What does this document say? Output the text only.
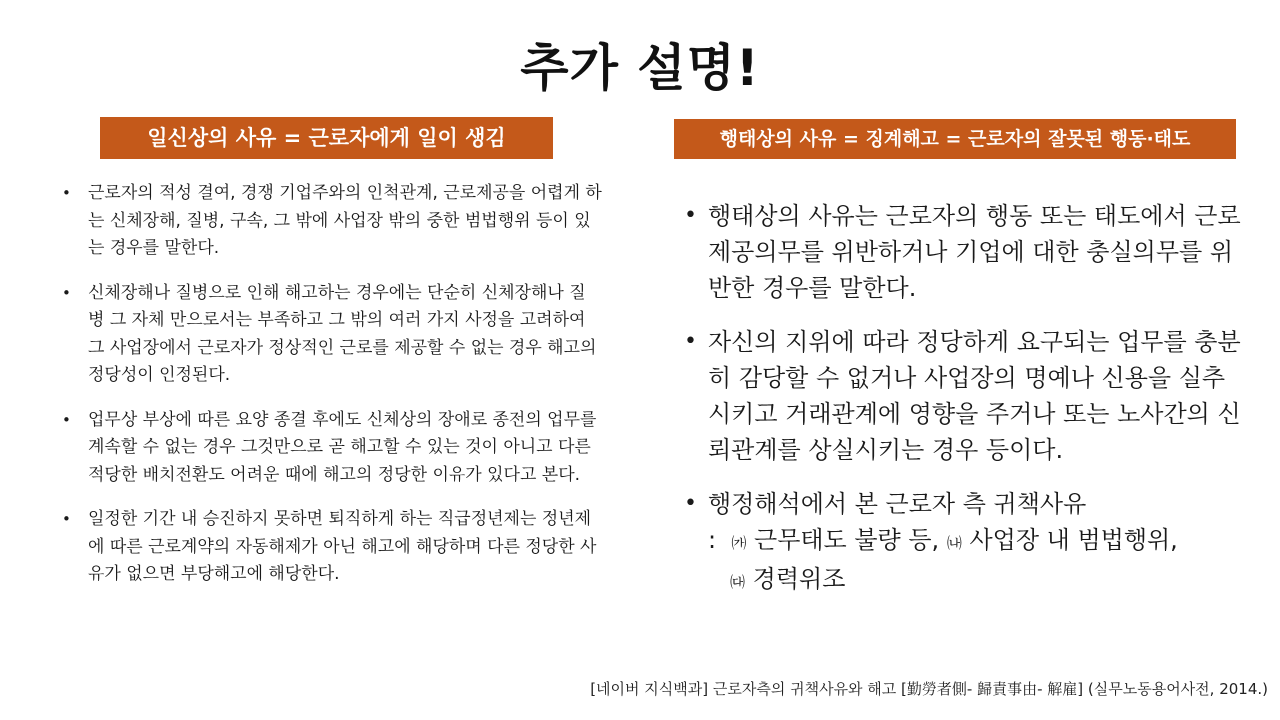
추가 설명!
일신상의 사유 = 근로자에게 일이 생김	행태상의 사유 = 징계해고 = 근로자의 잘못된 행동·태도
• 근로자의 적성 결여, 경쟁 기업주와의 인척관계, 근로제공을 어렵게 하는 신체장해, 질병, 구속, 그 밖에 사업장 밖의 중한 범법행위 등이 있는 경우를 말한다.
• 신체장해나 질병으로 인해 해고하는 경우에는 단순히 신체장해나 질병 그 자체 만으로서는 부족하고 그 밖의 여러 가지 사정을 고려하여 그 사업장에서 근로자가 정상적인 근로를 제공할 수 없는 경우 해고의 정당성이 인정된다.
• 업무상 부상에 따른 요양 종결 후에도 신체상의 장애로 종전의 업무를 계속할 수 없는 경우 그것만으로 곧 해고할 수 있는 것이 아니고 다른 적당한 배치전환도 어려운 때에 해고의 정당한 이유가 있다고 본다.
• 일정한 기간 내 승진하지 못하면 퇴직하게 하는 직급정년제는 정년제에 따른 근로계약의 자동해제가 아닌 해고에 해당하며 다른 정당한 사유가 없으면 부당해고에 해당한다.
• 행태상의 사유는 근로자의 행동 또는 태도에서 근로제공의무를 위반하거나 기업에 대한 충실의무를 위반한 경우를 말한다.
• 자신의 지위에 따라 정당하게 요구되는 업무를 충분히 감당할 수 없거나 사업장의 명예나 신용을 실추시키고 거래관계에 영향을 주거나 또는 노사간의 신뢰관계를 상실시키는 경우 등이다.
• 행정해석에서 본 근로자 측 귀책사유
: ㈎ 근무태도 불량 등, ㈏ 사업장 내 범법행위,
㈐ 경력위조
[네이버 지식백과] 근로자측의 귀책사유와 해고 [勤勞者側- 歸責事由- 解雇] (실무노동용어사전, 2014.)
